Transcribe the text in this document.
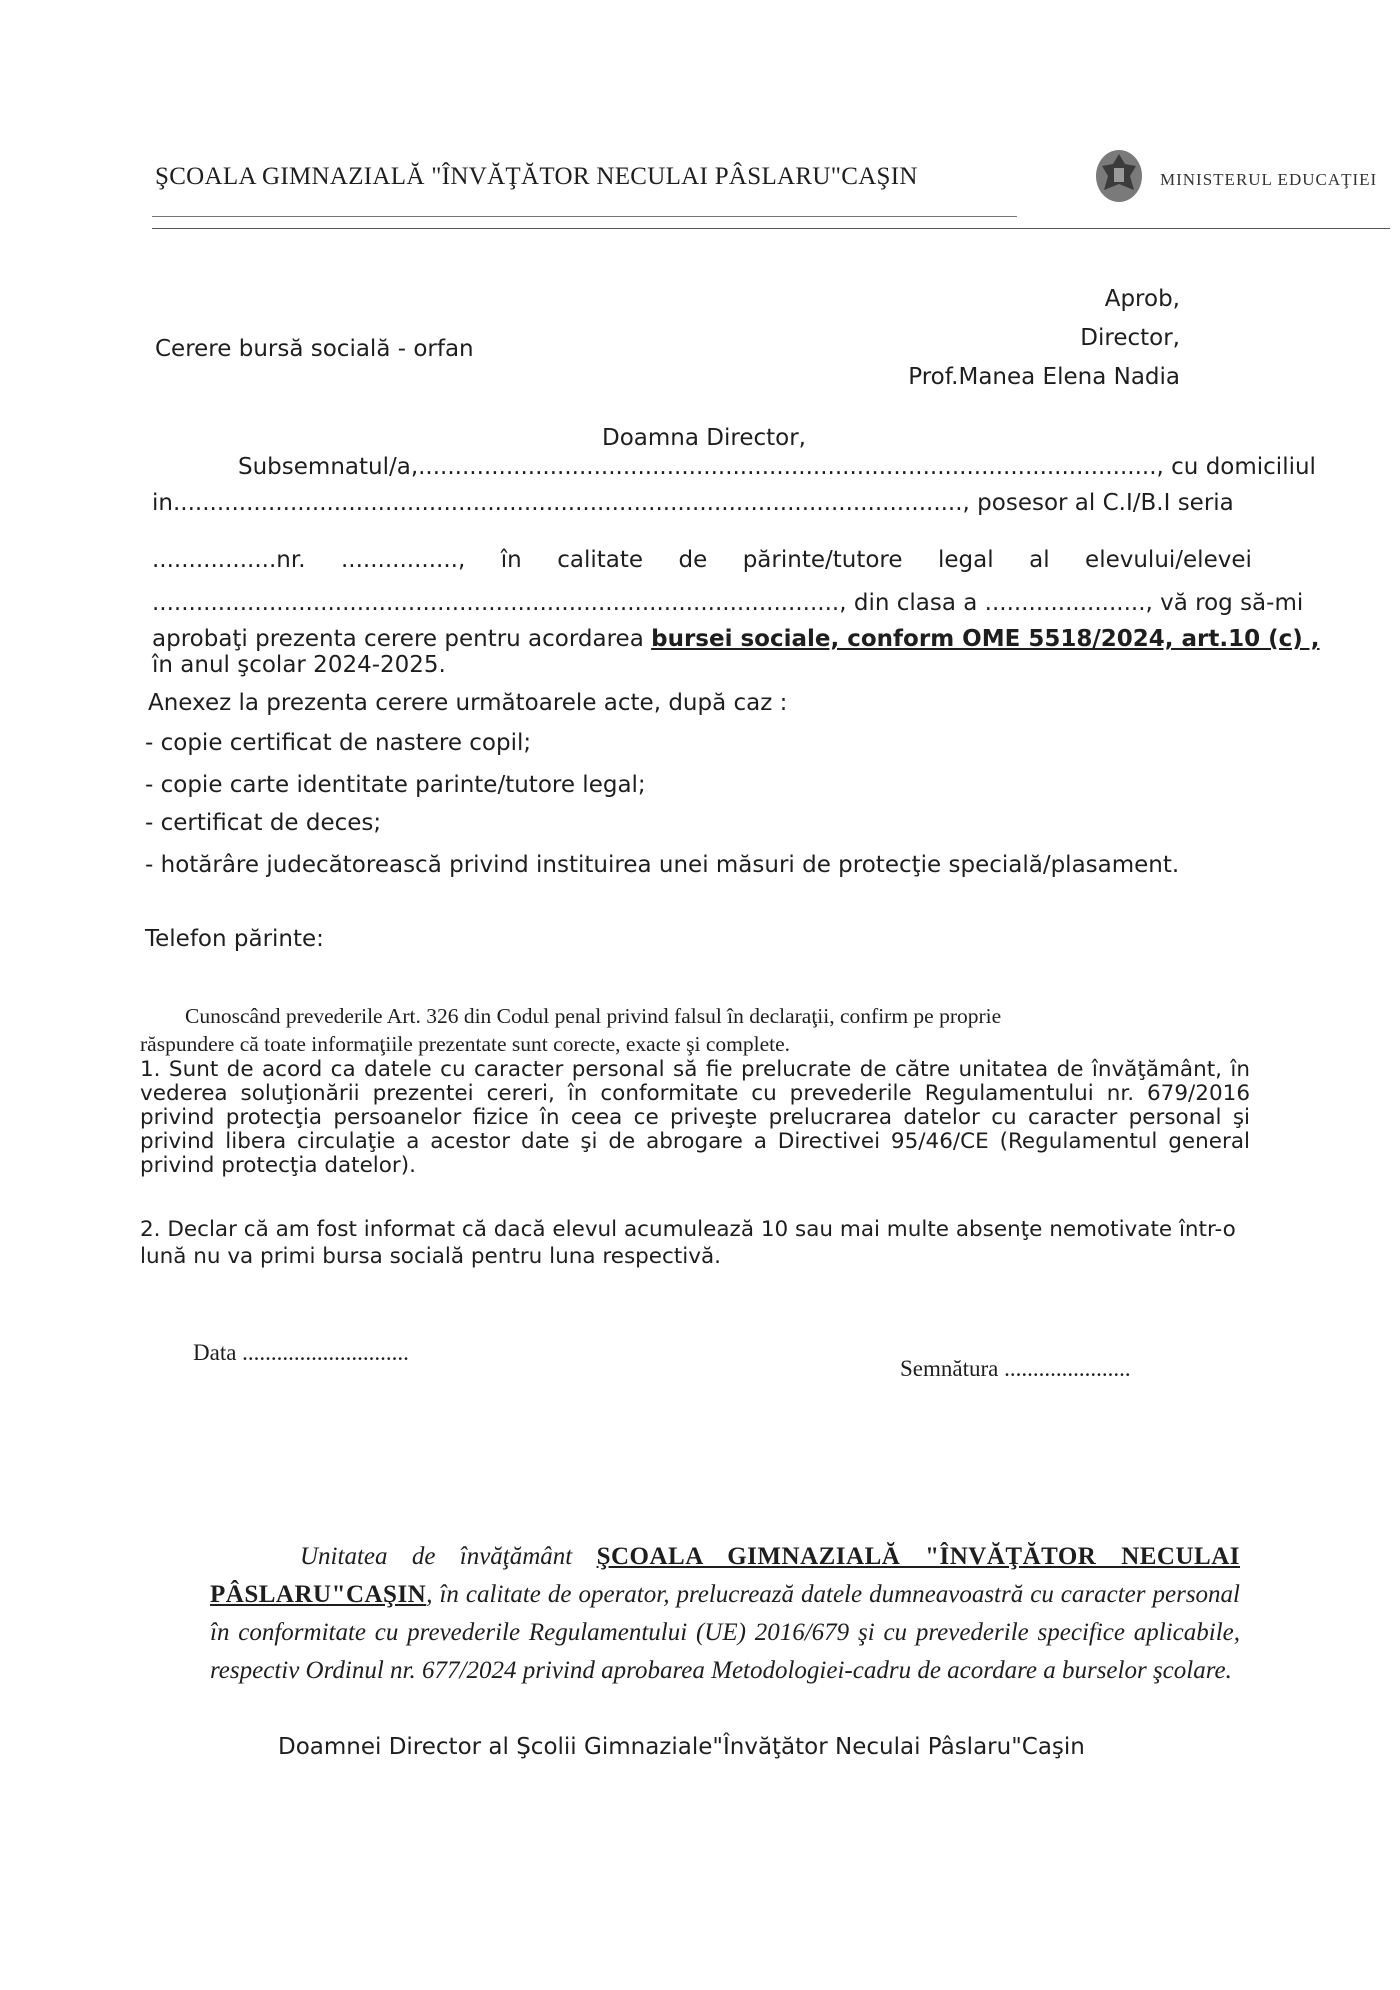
ŞCOALA GIMNAZIALĂ "ÎNVĂŢĂTOR NECULAI PÂSLARU"CAŞIN	MINISTERUL EDUCAŢIEI
Aprob,
Director,
Prof.Manea Elena Nadia
Cerere bursă socială - orfan
Doamna Director,
Subsemnatul/a,....................................................................................................., cu domiciliul
in............................................................................................................, posesor al C.I/B.I seria
.................nr. ................, în calitate de părinte/tutore legal al elevului/elevei
.............................................................................................., din clasa a ......................, vă rog să-mi
aprobaţi prezenta cerere pentru acordarea bursei sociale, conform OME 5518/2024, art.10 (c) ,
în anul şcolar 2024-2025.
Anexez la prezenta cerere următoarele acte, după caz :
- copie certificat de nastere copil;
- copie carte identitate parinte/tutore legal;
- certificat de deces;
- hotărâre judecătorească privind instituirea unei măsuri de protecţie specială/plasament.
Telefon părinte:
Cunoscând prevederile Art. 326 din Codul penal privind falsul în declaraţii, confirm pe proprie
răspundere că toate informaţiile prezentate sunt corecte, exacte şi complete.
1. Sunt de acord ca datele cu caracter personal să fie prelucrate de către unitatea de învăţământ, în vederea soluţionării prezentei cereri, în conformitate cu prevederile Regulamentului nr. 679/2016 privind protecţia persoanelor fizice în ceea ce priveşte prelucrarea datelor cu caracter personal şi privind libera circulaţie a acestor date şi de abrogare a Directivei 95/46/CE (Regulamentul general privind protecţia datelor).
2. Declar că am fost informat că dacă elevul acumulează 10 sau mai multe absenţe nemotivate într-o lună nu va primi bursa socială pentru luna respectivă.
Data .............................
Semnătura ......................
Unitatea de învăţământ ŞCOALA GIMNAZIALĂ "ÎNVĂŢĂTOR NECULAI PÂSLARU"CAŞIN, în calitate de operator, prelucrează datele dumneavoastră cu caracter personal în conformitate cu prevederile Regulamentului (UE) 2016/679 şi cu prevederile specifice aplicabile, respectiv Ordinul nr. 677/2024 privind aprobarea Metodologiei-cadru de acordare a burselor şcolare.
Doamnei Director al Şcolii Gimnaziale"Învăţător Neculai Pâslaru"Caşin
